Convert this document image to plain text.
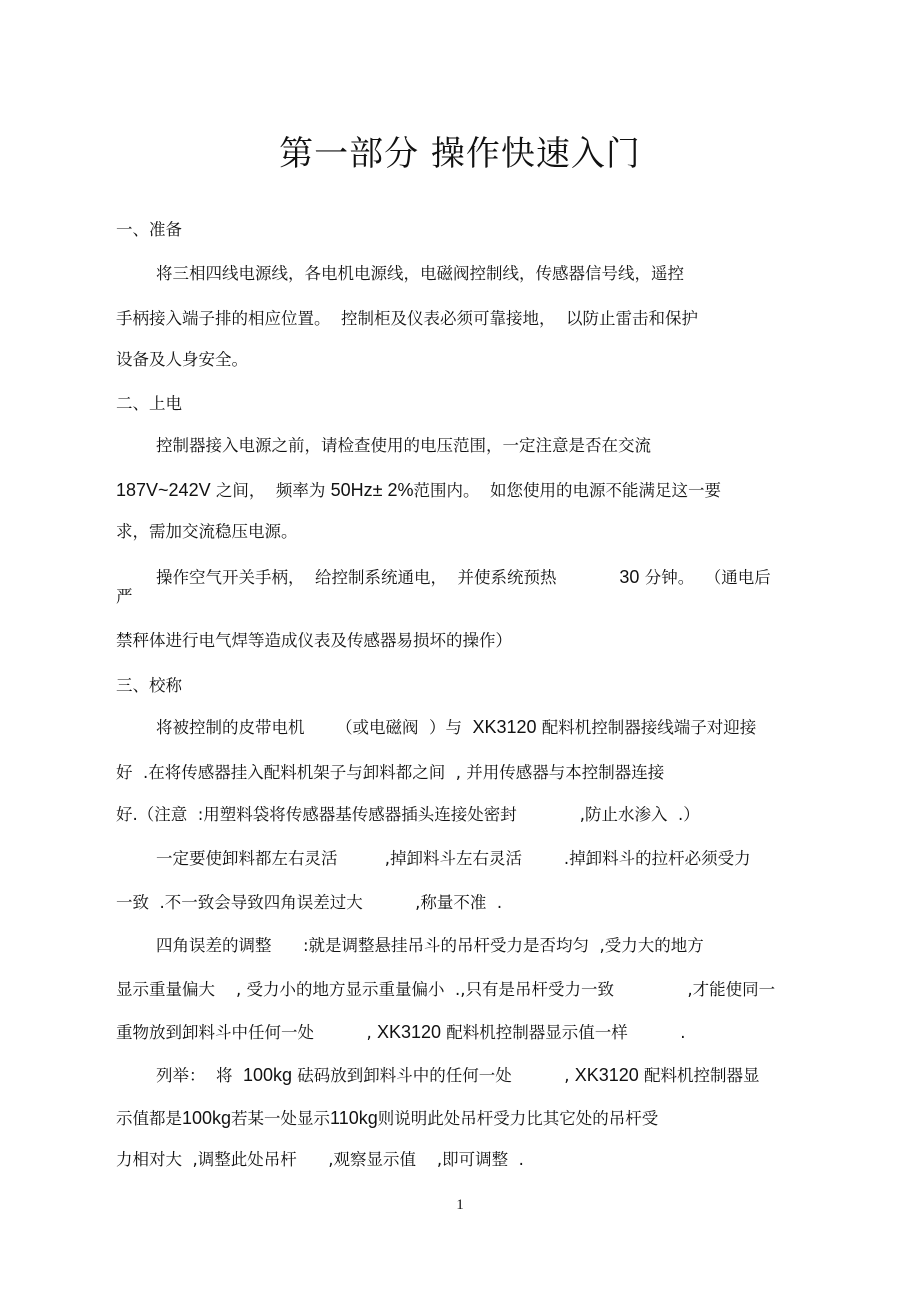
第一部分 操作快速入门
一、准备
将三相四线电源线，各电机电源线，电磁阀控制线，传感器信号线，遥控
手柄接入端子排的相应位置。  控制柜及仪表必须可靠接地，  以防止雷击和保护
设备及人身安全。
二、上电
控制器接入电源之前，请检查使用的电压范围，一定注意是否在交流
187V~242V 之间，  频率为 50Hz± 2%范围内。  如您使用的电源不能满足这一要
求，需加交流稳压电源。
操作空气开关手柄，  给控制系统通电，  并使系统预热            30 分钟。  （通电后
严
禁秤体进行电气焊等造成仪表及传感器易损坏的操作）
三、校称
将被控制的皮带电机      （或电磁阀  ）与  XK3120 配料机控制器接线端子对迎接
好  .在将传感器挂入配料机架子与卸料都之间  , 并用传感器与本控制器连接
好.（注意  :用塑料袋将传感器基传感器插头连接处密封            ,防止水渗入  .）
一定要使卸料都左右灵活         ,掉卸料斗左右灵活        .掉卸料斗的拉杆必须受力
一致  .不一致会导致四角误差过大          ,称量不准  .
四角误差的调整      :就是调整悬挂吊斗的吊杆受力是否均匀  ,受力大的地方
显示重量偏大    , 受力小的地方显示重量偏小  .,只有是吊杆受力一致              ,才能使同一
重物放到卸料斗中任何一处          , XK3120 配料机控制器显示值一样          .
列举：  将  100kg 砝码放到卸料斗中的任何一处          , XK3120 配料机控制器显
示值都是100kg若某一处显示110kg则说明此处吊杆受力比其它处的吊杆受
力相对大  ,调整此处吊杆      ,观察显示值    ,即可调整  .
1
